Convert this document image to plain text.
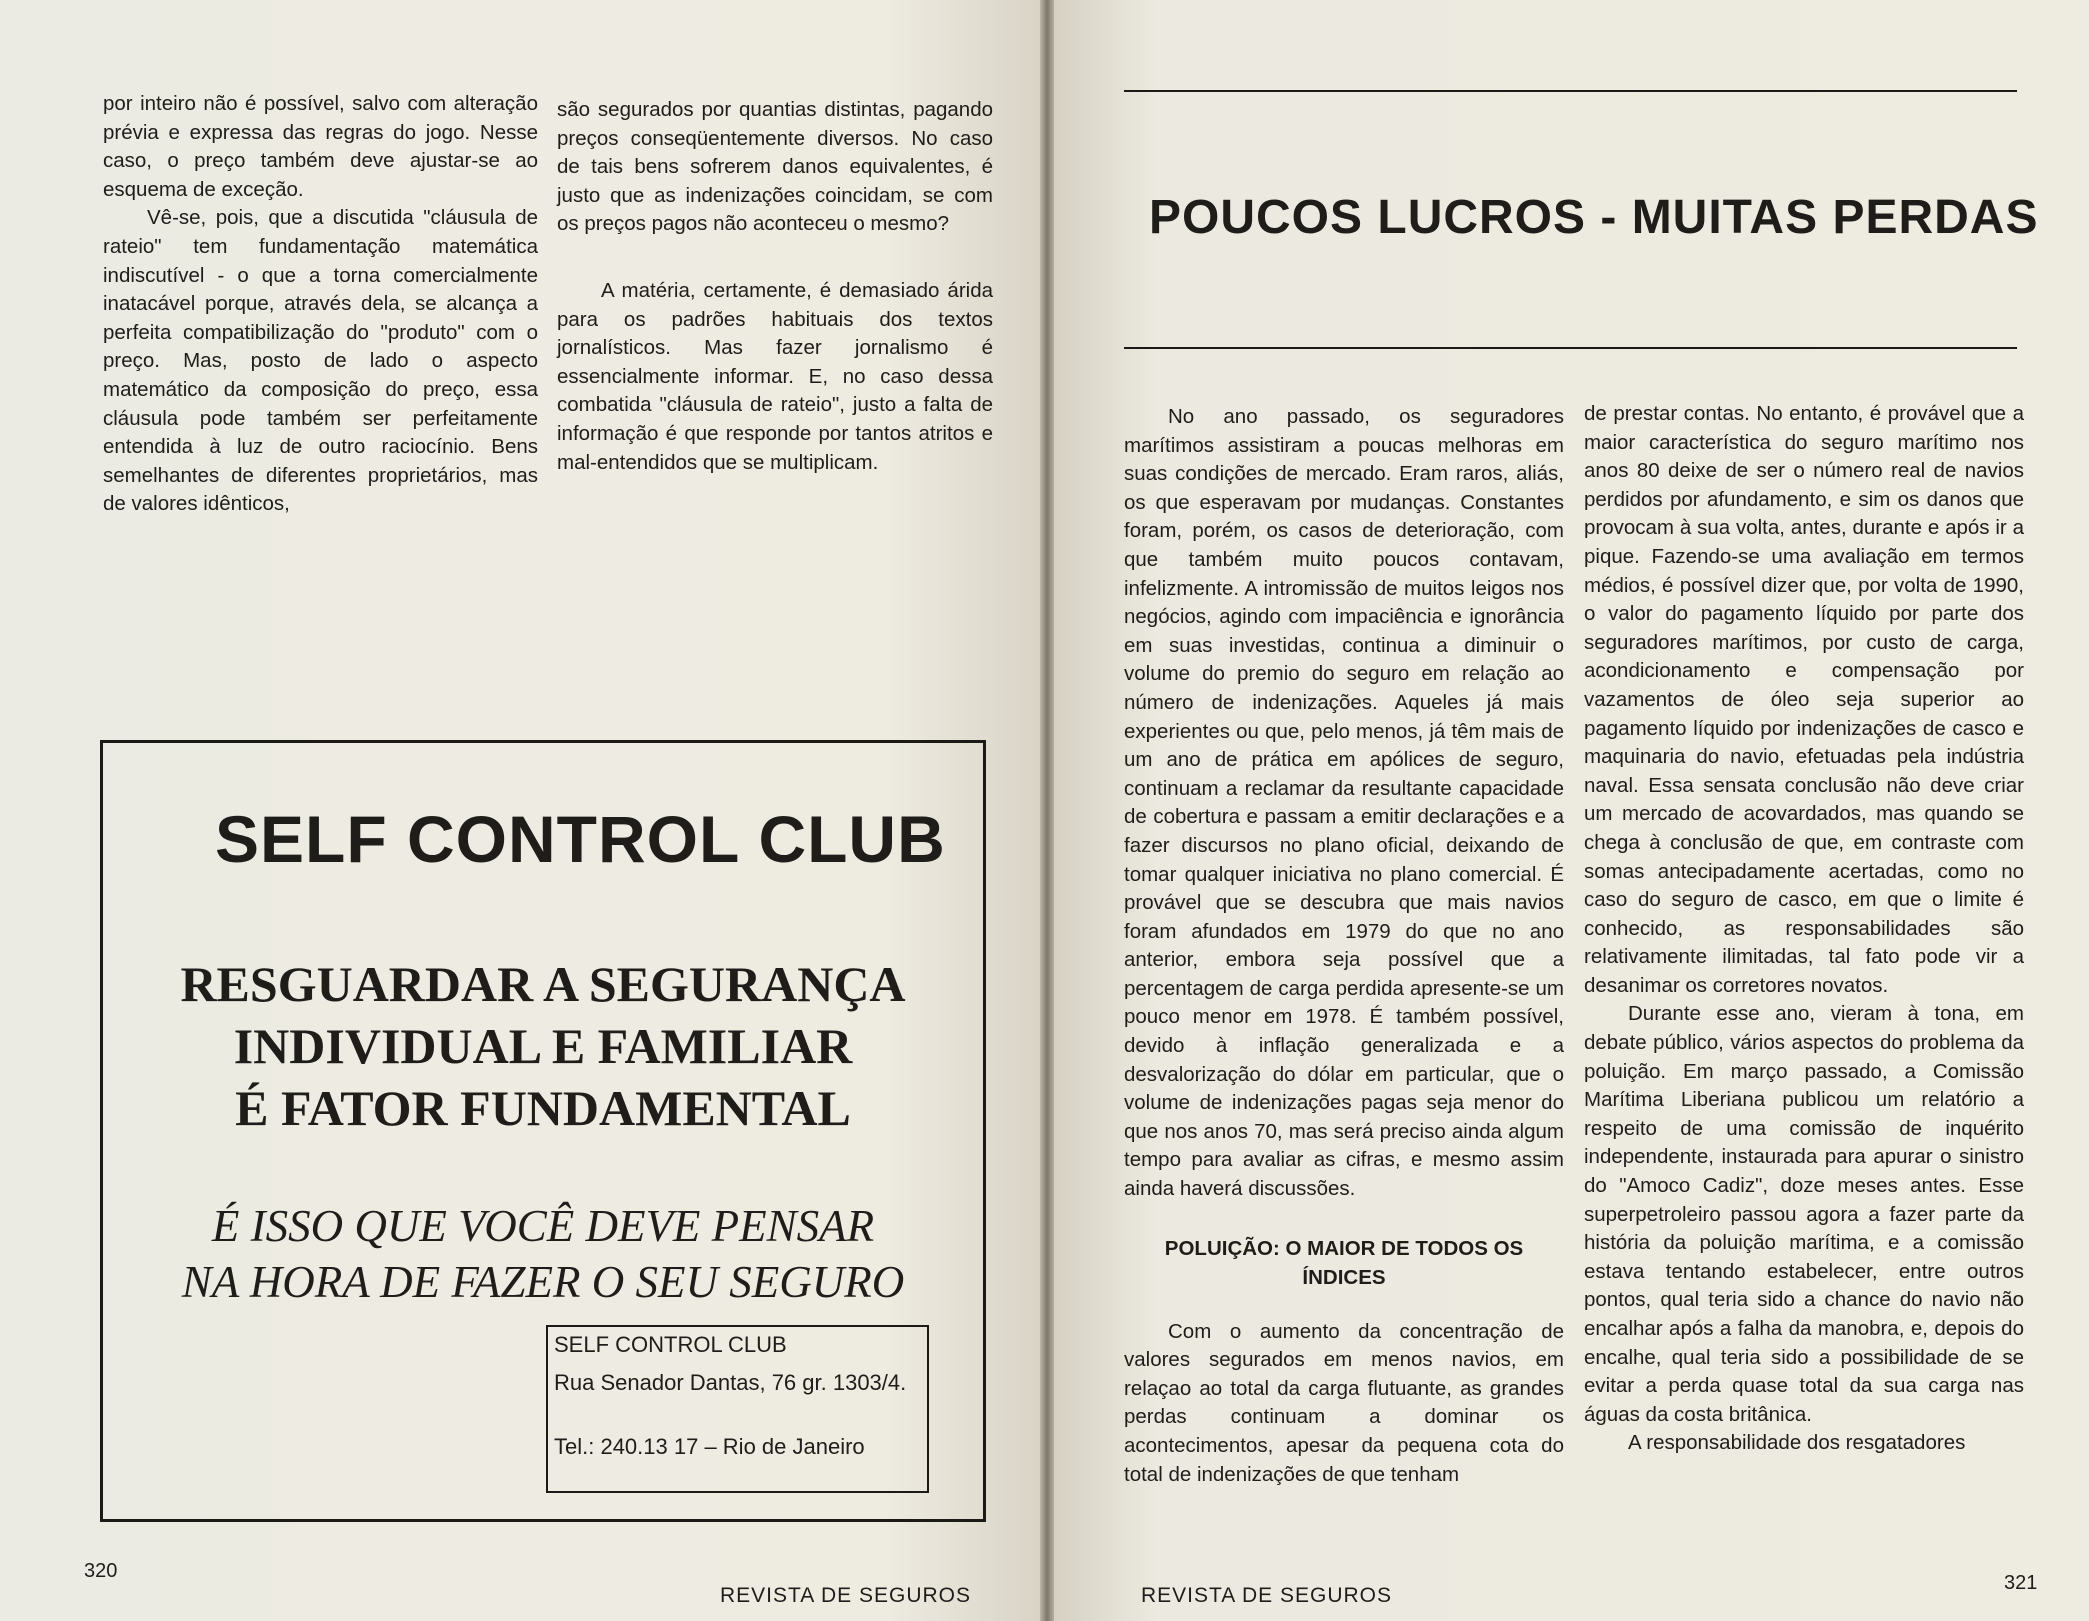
por inteiro não é possível, salvo com alteração prévia e expressa das regras do jogo. Nesse caso, o preço também deve ajustar-se ao esquema de exceção.

Vê-se, pois, que a discutida "cláusula de rateio" tem fundamentação matemática indiscutível - o que a torna comercialmente inatacável porque, através dela, se alcança a perfeita compatibilização do "produto" com o preço. Mas, posto de lado o aspecto matemático da composição do preço, essa cláusula pode também ser perfeitamente entendida à luz de outro raciocínio. Bens semelhantes de diferentes proprietários, mas de valores idênticos,

são segurados por quantias distintas, pagando preços conseqüentemente diversos. No caso de tais bens sofrerem danos equivalentes, é justo que as indenizações coincidam, se com os preços pagos não aconteceu o mesmo?

A matéria, certamente, é demasiado árida para os padrões habituais dos textos jornalísticos. Mas fazer jornalismo é essencialmente informar. E, no caso dessa combatida "cláusula de rateio", justo a falta de informação é que responde por tantos atritos e mal-entendidos que se multiplicam.

SELF CONTROL CLUB
RESGUARDAR A SEGURANÇA
INDIVIDUAL E FAMILIAR
É FATOR FUNDAMENTAL
É ISSO QUE VOCÊ DEVE PENSAR
NA HORA DE FAZER O SEU SEGURO
SELF CONTROL CLUB
Rua Senador Dantas, 76 gr. 1303/4.
Tel.: 240.13 17 – Rio de Janeiro
320
REVISTA DE SEGUROS
POUCOS LUCROS - MUITAS PERDAS

No ano passado, os seguradores marítimos assistiram a poucas melhoras em suas condições de mercado. Eram raros, aliás, os que esperavam por mudanças. Constantes foram, porém, os casos de deterioração, com que também muito poucos contavam, infelizmente. A intromissão de muitos leigos nos negócios, agindo com impaciência e ignorância em suas investidas, continua a diminuir o volume do premio do seguro em relação ao número de indenizações. Aqueles já mais experientes ou que, pelo menos, já têm mais de um ano de prática em apólices de seguro, continuam a reclamar da resultante capacidade de cobertura e passam a emitir declarações e a fazer discursos no plano oficial, deixando de tomar qualquer iniciativa no plano comercial. É provável que se descubra que mais navios foram afundados em 1979 do que no ano anterior, embora seja possível que a percentagem de carga perdida apresente-se um pouco menor em 1978. É também possível, devido à inflação generalizada e a desvalorização do dólar em particular, que o volume de indenizações pagas seja menor do que nos anos 70, mas será preciso ainda algum tempo para avaliar as cifras, e mesmo assim ainda haverá discussões.

POLUIÇÃO: O MAIOR DE TODOS OS ÍNDICES

Com o aumento da concentração de valores segurados em menos navios, em relaçao ao total da carga flutuante, as grandes perdas continuam a dominar os acontecimentos, apesar da pequena cota do total de indenizações de que tenham

de prestar contas. No entanto, é provável que a maior característica do seguro marítimo nos anos 80 deixe de ser o número real de navios perdidos por afundamento, e sim os danos que provocam à sua volta, antes, durante e após ir a pique. Fazendo-se uma avaliação em termos médios, é possível dizer que, por volta de 1990, o valor do pagamento líquido por parte dos seguradores marítimos, por custo de carga, acondicionamento e compensação por vazamentos de óleo seja superior ao pagamento líquido por indenizações de casco e maquinaria do navio, efetuadas pela indústria naval. Essa sensata conclusão não deve criar um mercado de acovardados, mas quando se chega à conclusão de que, em contraste com somas antecipadamente acertadas, como no caso do seguro de casco, em que o limite é conhecido, as responsabilidades são relativamente ilimitadas, tal fato pode vir a desanimar os corretores novatos.

Durante esse ano, vieram à tona, em debate público, vários aspectos do problema da poluição. Em março passado, a Comissão Marítima Liberiana publicou um relatório a respeito de uma comissão de inquérito independente, instaurada para apurar o sinistro do "Amoco Cadiz", doze meses antes. Esse superpetroleiro passou agora a fazer parte da história da poluição marítima, e a comissão estava tentando estabelecer, entre outros pontos, qual teria sido a chance do navio não encalhar após a falha da manobra, e, depois do encalhe, qual teria sido a possibilidade de se evitar a perda quase total da sua carga nas águas da costa britânica.

A responsabilidade dos resgatadores

REVISTA DE SEGUROS
321
